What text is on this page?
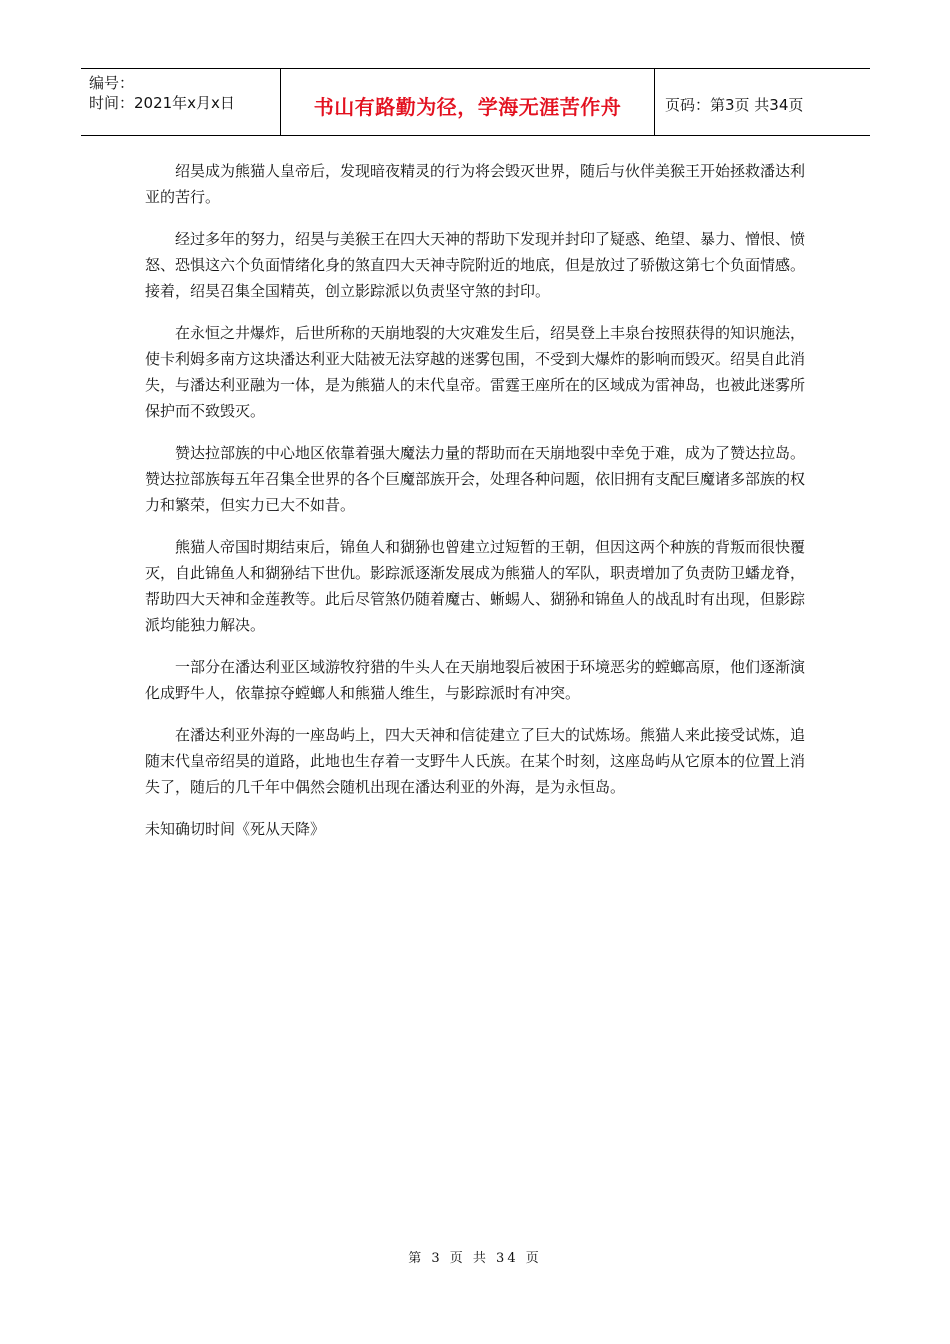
编号：
时间：2021年x月x日	书山有路勤为径，学海无涯苦作舟	页码：第3页 共34页

绍昊成为熊猫人皇帝后，发现暗夜精灵的行为将会毁灭世界，随后与伙伴美猴王开始拯救潘达利亚的苦行。

经过多年的努力，绍昊与美猴王在四大天神的帮助下发现并封印了疑惑、绝望、暴力、憎恨、愤怒、恐惧这六个负面情绪化身的煞直四大天神寺院附近的地底，但是放过了骄傲这第七个负面情感。接着，绍昊召集全国精英，创立影踪派以负责坚守煞的封印。

在永恒之井爆炸，后世所称的天崩地裂的大灾难发生后，绍昊登上丰泉台按照获得的知识施法，使卡利姆多南方这块潘达利亚大陆被无法穿越的迷雾包围，不受到大爆炸的影响而毁灭。绍昊自此消失，与潘达利亚融为一体，是为熊猫人的末代皇帝。雷霆王座所在的区域成为雷神岛，也被此迷雾所保护而不致毁灭。

赞达拉部族的中心地区依靠着强大魔法力量的帮助而在天崩地裂中幸免于难，成为了赞达拉岛。赞达拉部族每五年召集全世界的各个巨魔部族开会，处理各种问题，依旧拥有支配巨魔诸多部族的权力和繁荣，但实力已大不如昔。

熊猫人帝国时期结束后，锦鱼人和猢狲也曾建立过短暂的王朝，但因这两个种族的背叛而很快覆灭，自此锦鱼人和猢狲结下世仇。影踪派逐渐发展成为熊猫人的军队，职责增加了负责防卫蟠龙脊，帮助四大天神和金莲教等。此后尽管煞仍随着魔古、蜥蜴人、猢狲和锦鱼人的战乱时有出现，但影踪派均能独力解决。

一部分在潘达利亚区域游牧狩猎的牛头人在天崩地裂后被困于环境恶劣的螳螂高原，他们逐渐演化成野牛人，依靠掠夺螳螂人和熊猫人维生，与影踪派时有冲突。

在潘达利亚外海的一座岛屿上，四大天神和信徒建立了巨大的试炼场。熊猫人来此接受试炼，追随末代皇帝绍昊的道路，此地也生存着一支野牛人氏族。在某个时刻，这座岛屿从它原本的位置上消失了，随后的几千年中偶然会随机出现在潘达利亚的外海，是为永恒岛。

未知确切时间《死从天降》

第 3 页 共 34 页
